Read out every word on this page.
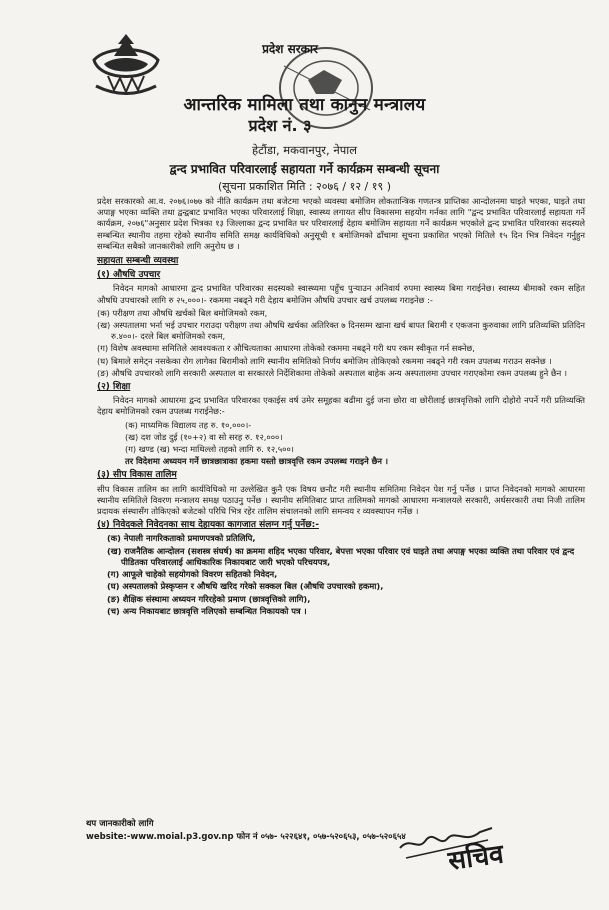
प्रदेश सरकार
आन्तरिक मामिला तथा कानुन मन्त्रालय
प्रदेश नं. ३
हेटौंडा, मकवानपुर, नेपाल
द्वन्द प्रभावित परिवारलाई सहायता गर्ने कार्यक्रम सम्बन्धी सूचना
(सूचना प्रकाशित मिति : २०७६ / १२ / १९ )

प्रदेश सरकारको आ.व. २०७६।०७७ को नीति कार्यक्रम तथा बजेटमा भएको व्यवस्था बमोजिम लोकतान्त्रिक गणतन्त्र प्राप्तिका आन्दोलनमा घाइते भएका, घाइते तथा अपाङ्ग भएका व्यक्ति तथा द्वन्द्वबाट प्रभावित भएका परिवारलाई शिक्षा, स्वास्थ्य लगायत सीप विकासमा सहयोग गर्नका लागि "द्वन्द प्रभावित परिवारलाई सहायता गर्ने कार्यक्रम, २०७६"अनुसार प्रदेश भित्रका १३ जिल्लाका द्वन्द प्रभावित घर परिवारलाई देहाय बमोजिम सहायता गर्ने कार्यक्रम भएकोले द्वन्द प्रभावित परिवारका सदस्यले सम्बन्धित स्थानीय तहमा रहेको स्थानीय समिति समक्ष कार्यविधिको अनुसूची १ बमोजिमको ढाँचामा सूचना प्रकाशित भएको मितिले १५ दिन भित्र निवेदन गर्नुहुन सम्बन्धित सबैको जानकारीको लागि अनुरोध छ ।

सहायता सम्बन्धी व्यवस्था
(१) औषधि उपचार

निवेदन मागको आधारमा द्वन्द प्रभावित परिवारका सदस्यको स्वास्थ्यमा पहुँच पुऱ्याउन अनिवार्य रुपमा स्वास्थ्य बिमा गराईनेछ। स्वास्थ्य बीमाको रकम सहित औषधि उपचारको लागि रु २५,०००।- रकममा नबढ्ने गरी देहाय बमोजिम औषधि उपचार खर्च उपलब्ध गराइनेछ :-

(क) परीक्षण तथा औषधि खर्चको बिल बमोजिमको रकम,
(ख) अस्पतालमा भर्ना भई उपचार गराउदा परीक्षण तथा औषधि खर्चका अतिरिक्त ७ दिनसम्म खाना खर्च बापत बिरामी र एकजना कुरुवाका लागि प्रतिव्यक्ति प्रतिदिन रु.४००।- दरले बिल बमोजिमको रकम,
(ग) विशेष अवस्थामा समितिले आवश्यकता र औचित्यताका आधारमा तोकेको रकममा नबढ्ने गरी थप रकम स्वीकृत गर्न सक्नेछ,
(घ) बिमाले समेट्न नसकेका रोग लागेका बिरामीको लागि स्थानीय समितिको निर्णय बमोजिम तोकिएको रकममा नबढ्ने गरी रकम उपलब्ध गराउन सक्नेछ ।
(ङ) औषधि उपचारको लागि सरकारी अस्पताल वा सरकारले निर्देशिकामा तोकेको अस्पताल बाहेक अन्य अस्पतालमा उपचार गराएकोमा रकम उपलब्ध हुने छैन ।
(२) शिक्षा

निवेदन मागको आधारमा द्वन्द प्रभावित परिवारका एकाईस वर्ष उमेर समूहका बढीमा दुई जना छोरा वा छोरीलाई छात्रवृत्तिको लागि दोहोरो नपर्ने गरी प्रतिव्यक्ति देहाय बमोजिमको रकम उपलब्ध गराईनेछ:-

(क) माध्यमिक विद्यालय तह रु. १०,०००।-
(ख) दश जोड दुई (१०+२) वा सो सरह रु. १२,०००।
(ग) खण्ड (ख) भन्दा माथिल्लो तहको लागि रु. १२,५००।
तर विदेशमा अध्ययन गर्ने छात्रछात्राका हकमा यस्तो छात्रवृत्ति रकम उपलब्ध गराइने छैन ।
(३) सीप विकास तालिम

सीप विकास तालिम का लागि कार्यविधिको मा उल्लेखित कुनै एक विषय छनौट गरी स्थानीय समितिमा निवेदन पेश गर्नु पर्नेछ । प्राप्त निवेदनको मागको आधारमा स्थानीय समितिले विवरण मन्त्रालय समक्ष पठाउनु पर्नेछ । स्थानीय समितिबाट प्राप्त तालिमको मागको आधारमा मन्त्रालयले सरकारी, अर्धसरकारी तथा निजी तालिम प्रदायक संस्थासँग तोकिएको बजेटको परिधि भित्र रहेर तालिम संचालनको लागि समन्वय र व्यवस्थापन गर्नेछ ।

(४) निवेदकले निवेदनका साथ देहायका कागजात संलग्न गर्नु पर्नेछ:-
(क) नेपाली नागरिकताको प्रमाणपत्रको प्रतिलिपि,
(ख) राजनैतिक आन्दोलन (सशस्त्र संघर्ष) का क्रममा शहिद भएका परिवार, बेपत्ता भएका परिवार एवं घाइते तथा अपाङ्ग भएका व्यक्ति तथा परिवार एवं द्वन्द पीडितका परिवारलाई आधिकारिक निकायबाट जारी भएको परिचयपत्र,
(ग) आफूले चाहेको सहयोगको विवरण सहितको निवेदन,
(घ) अस्पतालको प्रेस्कृप्सन र औषधि खरिद गरेको सक्कल बिल (औषधि उपचारको हकमा),
(ङ) शैक्षिक संस्थामा अध्ययन गरिरहेको प्रमाण (छात्रवृत्तिको लागि),
(च) अन्य निकायबाट छात्रवृत्ति नलिएको सम्बन्धित निकायको पत्र ।
थप जानकारीको लागि
website:-www.moial.p3.gov.np फोन नं ०५७- ५२२६४१, ०५७-५२०६५३, ०५७-५२०६५४
सचिव
